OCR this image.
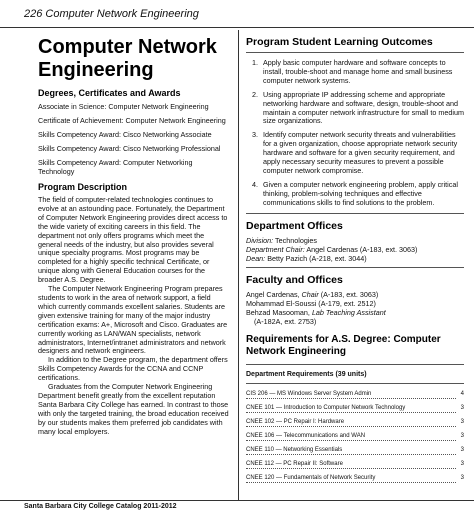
226 Computer Network Engineering
Computer Network Engineering
Degrees, Certificates and Awards
Associate in Science: Computer Network Engineering
Certificate of Achievement: Computer Network Engineering
Skills Competency Award: Cisco Networking Associate
Skills Competency Award: Cisco Networking Professional
Skills Competency Award: Computer Networking Technology
Program Description

The field of computer-related technologies continues to evolve at an astounding pace. Fortunately, the Department of Computer Network Engineering provides direct access to the wide variety of exciting careers in this field. The department not only offers programs which meet the general needs of the industry, but also provides several unique specialty programs. Most programs may be completed for a highly specific technical Certificate, or unique along with General Education courses for the broader A.S. Degree.

The Computer Network Engineering Program prepares students to work in the area of network support, a field which currently commands excellent salaries. Students are given extensive training for many of the major industry certification exams: A+, Microsoft and Cisco. Graduates are currently working as LAN/WAN specialists, network administrators, Internet/intranet administrators and network designers and network engineers.

In addition to the Degree program, the department offers Skills Competency Awards for the CCNA and CCNP certifications.

Graduates from the Computer Network Engineering Department benefit greatly from the excellent reputation Santa Barbara City College has earned. In contrast to those with only the targeted training, the broad education received by our students makes them preferred job candidates with many local employers.

Program Student Learning Outcomes
1. Apply basic computer hardware and software concepts to install, trouble-shoot and manage home and small business computer network systems.
2. Using appropriate IP addressing scheme and appropriate networking hardware and software, design, trouble-shoot and maintain a computer network infrastructure for small to medium size organizations.
3. Identify computer network security threats and vulnerabilities for a given organization, choose appropriate network security hardware and software for a given security requirement, and apply necessary security measures to prevent a possible computer network compromise.
4. Given a computer network engineering problem, apply critical thinking, problem-solving techniques and effective communications skills to find solutions to the problem.
Department Offices
Division: Technologies
Department Chair: Angel Cardenas (A-183, ext. 3063)
Dean: Betty Pazich (A-218, ext. 3044)
Faculty and Offices
Angel Cardenas, Chair (A-183, ext. 3063)
Mohammad El-Soussi (A-179, ext. 2512)
Behzad Masooman, Lab Teaching Assistant
(A-182A, ext. 2753)
Requirements for A.S. Degree: Computer Network Engineering
Department Requirements (39 units)
CIS 206 — MS Windows Server System Admin	4
CNEE 101 — Introduction to Computer Network Technology	3
CNEE 102 — PC Repair I: Hardware	3
CNEE 106 — Telecommunications and WAN	3
CNEE 110 — Networking Essentials	3
CNEE 112 — PC Repair II: Software	3
CNEE 120 — Fundamentals of Network Security	3
Santa Barbara City College Catalog 2011-2012
